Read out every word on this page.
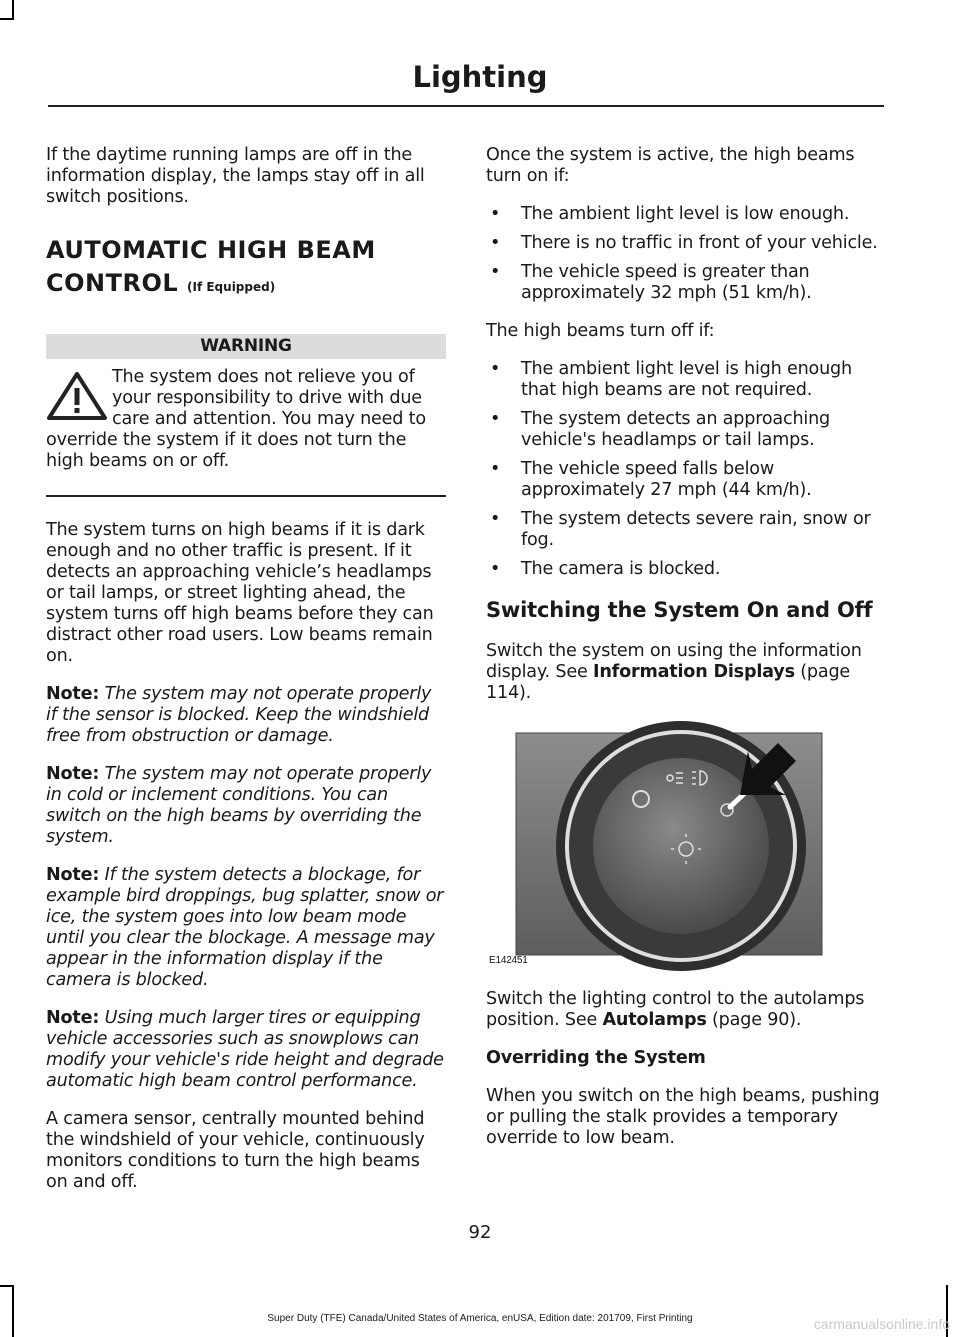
Lighting

If the daytime running lamps are off in the information display, the lamps stay off in all switch positions.

AUTOMATIC HIGH BEAM CONTROL (If Equipped)
WARNING

The system does not relieve you of your responsibility to drive with due care and attention. You may need to override the system if it does not turn the high beams on or off.

The system turns on high beams if it is dark enough and no other traffic is present. If it detects an approaching vehicle’s headlamps or tail lamps, or street lighting ahead, the system turns off high beams before they can distract other road users. Low beams remain on.

Note: The system may not operate properly if the sensor is blocked. Keep the windshield free from obstruction or damage.

Note: The system may not operate properly in cold or inclement conditions. You can switch on the high beams by overriding the system.

Note: If the system detects a blockage, for example bird droppings, bug splatter, snow or ice, the system goes into low beam mode until you clear the blockage. A message may appear in the information display if the camera is blocked.

Note: Using much larger tires or equipping vehicle accessories such as snowplows can modify your vehicle's ride height and degrade automatic high beam control performance.

A camera sensor, centrally mounted behind the windshield of your vehicle, continuously monitors conditions to turn the high beams on and off.

Once the system is active, the high beams turn on if:

• The ambient light level is low enough.
• There is no traffic in front of your vehicle.
• The vehicle speed is greater than approximately 32 mph (51 km/h).

The high beams turn off if:

• The ambient light level is high enough that high beams are not required.
• The system detects an approaching vehicle's headlamps or tail lamps.
• The vehicle speed falls below approximately 27 mph (44 km/h).
• The system detects severe rain, snow or fog.
• The camera is blocked.
Switching the System On and Off

Switch the system on using the information display. See Information Displays (page 114).

E142451

Switch the lighting control to the autolamps position. See Autolamps (page 90).

Overriding the System

When you switch on the high beams, pushing or pulling the stalk provides a temporary override to low beam.

92
Super Duty (TFE) Canada/United States of America, enUSA, Edition date: 201709, First Printing	carmanualsonline.info
